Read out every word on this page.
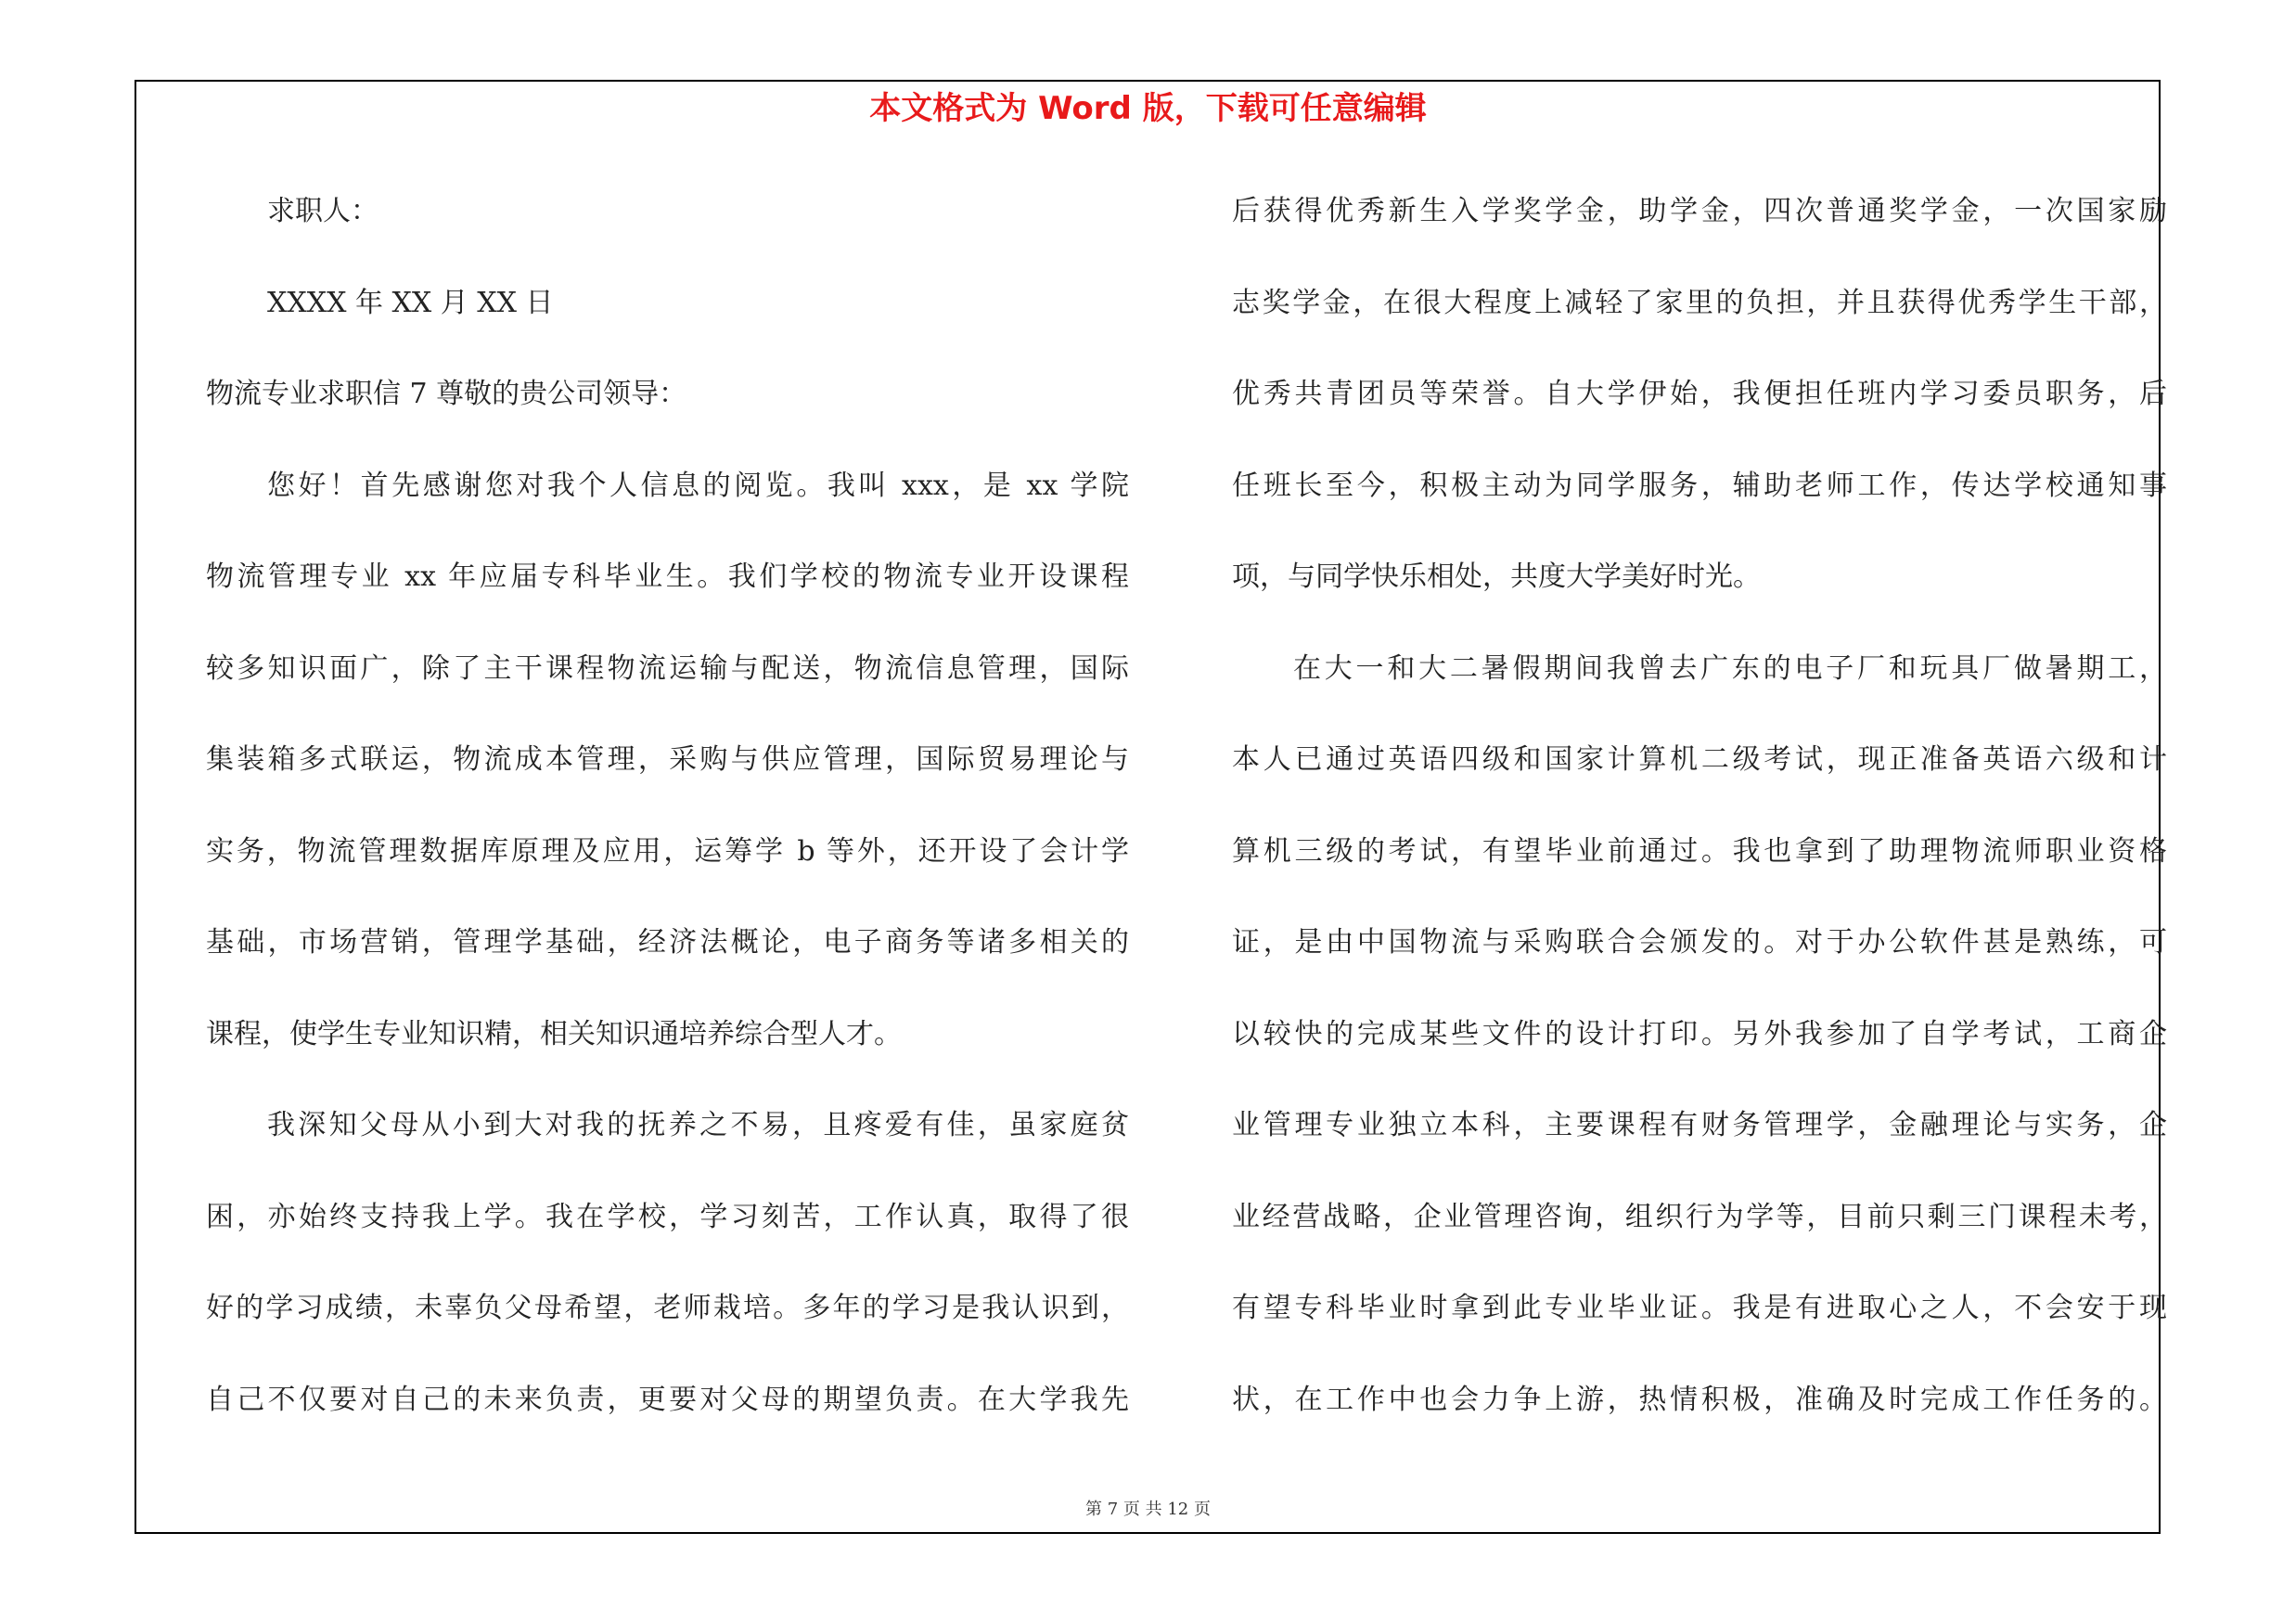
本文格式为 Word 版，下载可任意编辑
求职人：
XXXX 年 XX 月 XX 日
物流专业求职信 7 尊敬的贵公司领导：
您好！首先感谢您对我个人信息的阅览。我叫 xxx，是 xx 学院
物流管理专业 xx 年应届专科毕业生。我们学校的物流专业开设课程
较多知识面广，除了主干课程物流运输与配送，物流信息管理，国际
集装箱多式联运，物流成本管理，采购与供应管理，国际贸易理论与
实务，物流管理数据库原理及应用，运筹学 b 等外，还开设了会计学
基础，市场营销，管理学基础，经济法概论，电子商务等诸多相关的
课程，使学生专业知识精，相关知识通培养综合型人才。
我深知父母从小到大对我的抚养之不易，且疼爱有佳，虽家庭贫
困，亦始终支持我上学。我在学校，学习刻苦，工作认真，取得了很
好的学习成绩，未辜负父母希望，老师栽培。多年的学习是我认识到，
自己不仅要对自己的未来负责，更要对父母的期望负责。在大学我先
后获得优秀新生入学奖学金，助学金，四次普通奖学金，一次国家励
志奖学金，在很大程度上减轻了家里的负担，并且获得优秀学生干部，
优秀共青团员等荣誉。自大学伊始，我便担任班内学习委员职务，后
任班长至今，积极主动为同学服务，辅助老师工作，传达学校通知事
项，与同学快乐相处，共度大学美好时光。
在大一和大二暑假期间我曾去广东的电子厂和玩具厂做暑期工，
本人已通过英语四级和国家计算机二级考试，现正准备英语六级和计
算机三级的考试，有望毕业前通过。我也拿到了助理物流师职业资格
证，是由中国物流与采购联合会颁发的。对于办公软件甚是熟练，可
以较快的完成某些文件的设计打印。另外我参加了自学考试，工商企
业管理专业独立本科，主要课程有财务管理学，金融理论与实务，企
业经营战略，企业管理咨询，组织行为学等，目前只剩三门课程未考，
有望专科毕业时拿到此专业毕业证。我是有进取心之人，不会安于现
状，在工作中也会力争上游，热情积极，准确及时完成工作任务的。
第 7 页 共 12 页
